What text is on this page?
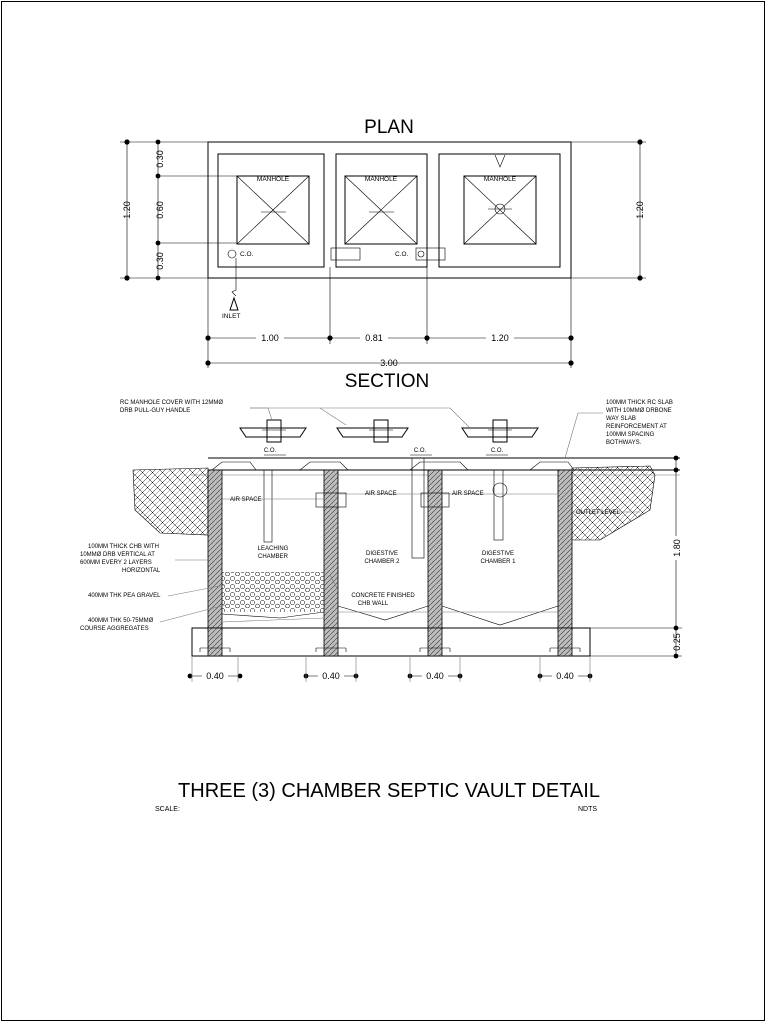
PLAN
MANHOLE	MANHOLE	MANHOLE
C.O.	C.O.
INLET
1.20
0.30
0.60
0.30
1.20
1.00	0.81	1.20
3.00
SECTION
AIR SPACE
AIR SPACE	AIR SPACE
C.O.	C.O.	C.O.
LEACHING
CHAMBER	DIGESTIVE
CHAMBER 2
DIGESTIVE
CHAMBER 1
CONCRETE FINISHED
CHB WALL
RC MANHOLE COVER WITH 12MMØ
DRB PULL-GUY HANDLE
100MM THICK CHB WITH
10MMØ DRB VERTICAL AT
600MM EVERY 2 LAYERS
HORIZONTAL
400MM THK PEA GRAVEL
400MM THK 50-75MMØ
COURSE AGGREGATES
100MM THICK RC SLAB
WITH 10MMØ DRBONE
WAY SLAB
REINFORCEMENT AT
100MM SPACING
BOTHWAYS.
OUTLET LEVEL
1.80
0.25
0.40	0.40	0.40	0.40
THREE (3) CHAMBER SEPTIC VAULT DETAIL
SCALE:	NDTS
